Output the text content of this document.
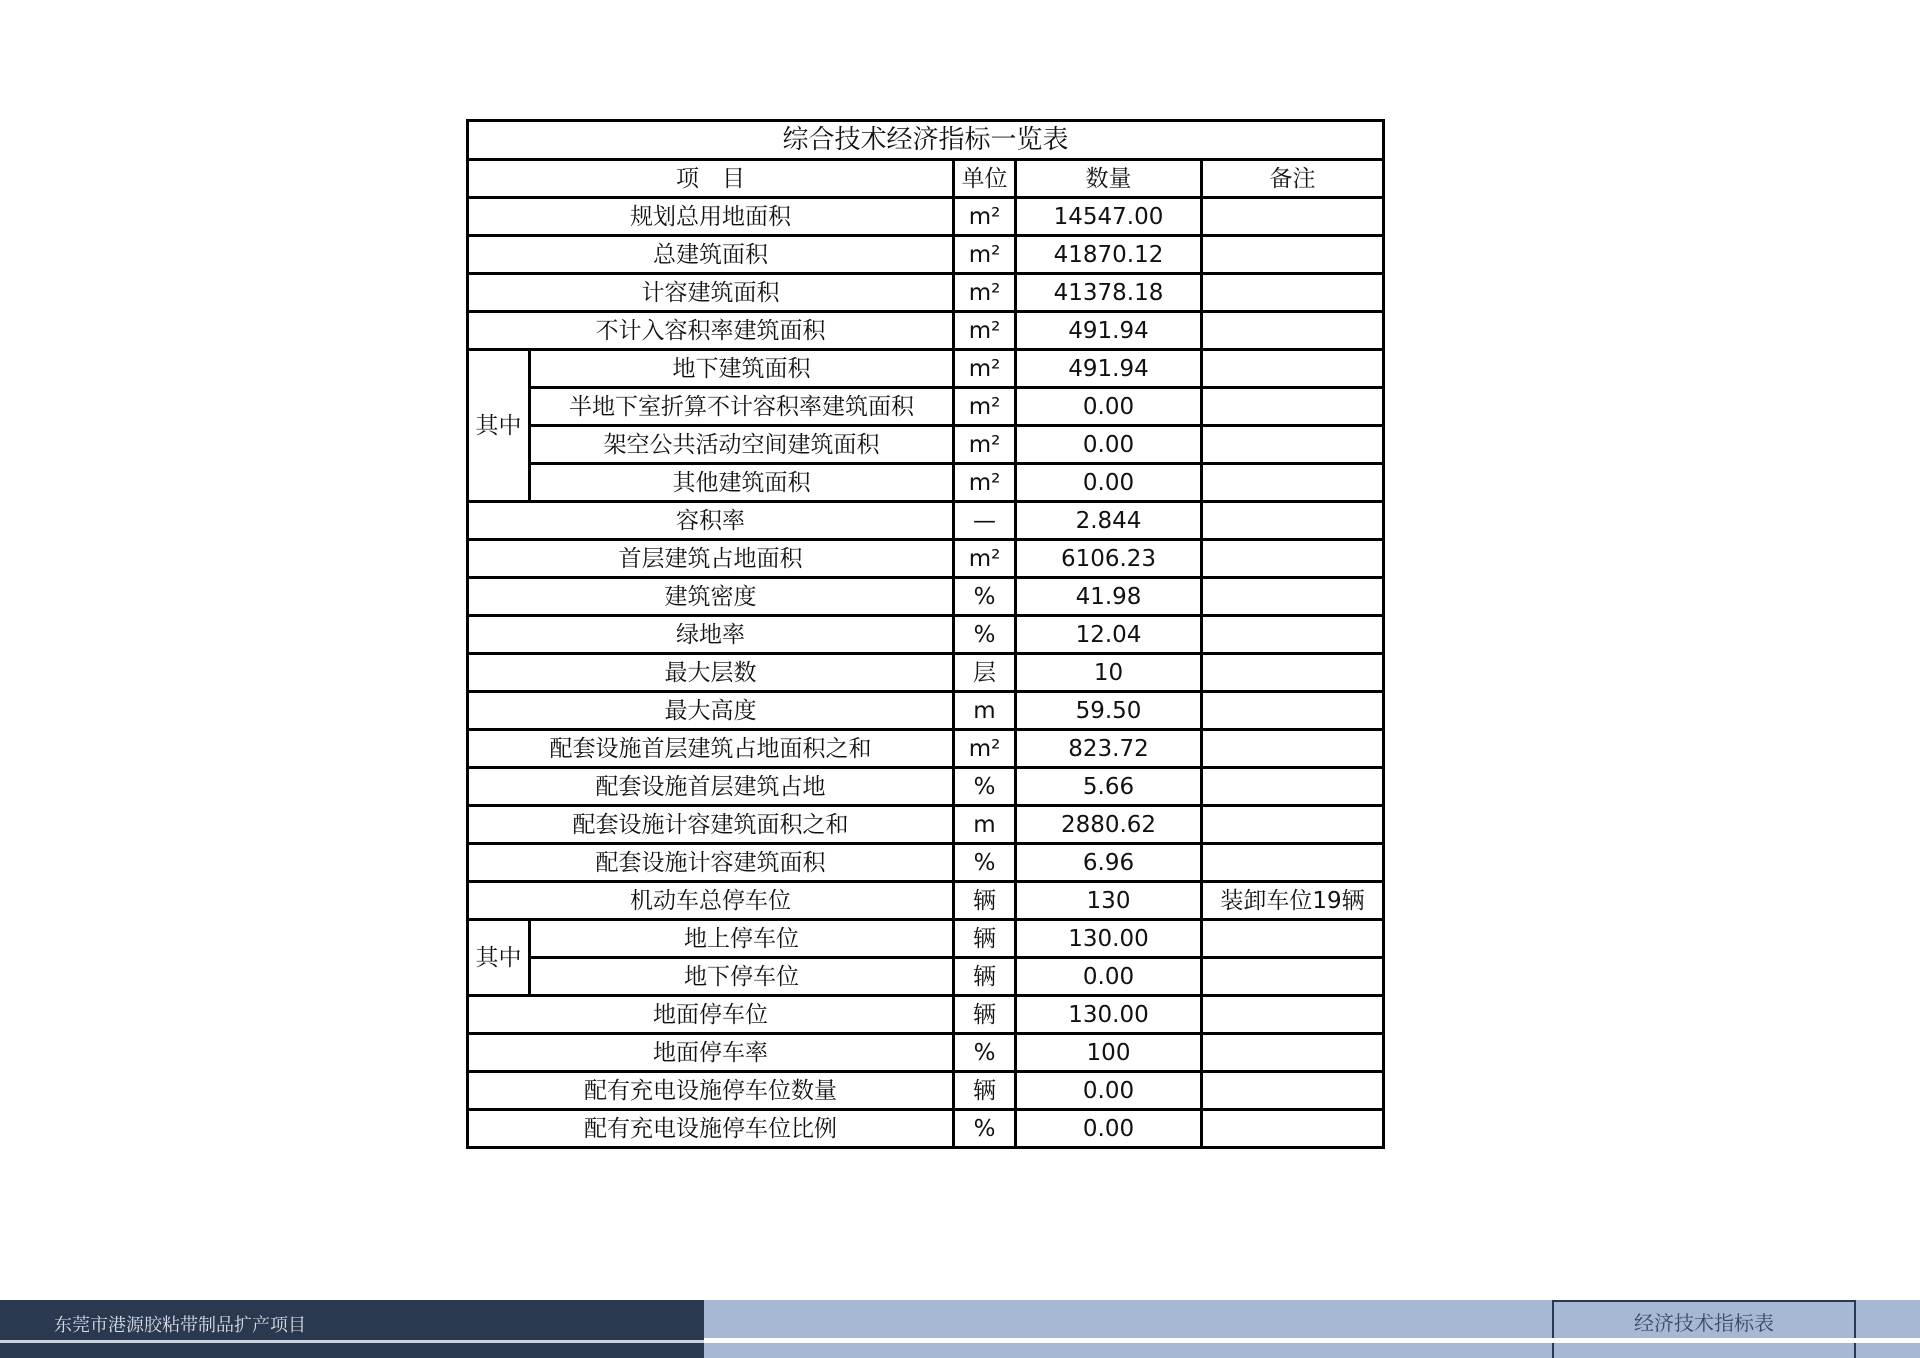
综合技术经济指标一览表				
项　目		单位	数量	备注
规划总用地面积		m²	14547.00	
总建筑面积		m²	41870.12	
计容建筑面积		m²	41378.18	
不计入容积率建筑面积		m²	491.94	
其中	地下建筑面积	m²	491.94	
	半地下室折算不计容积率建筑面积	m²	0.00	
	架空公共活动空间建筑面积	m²	0.00	
	其他建筑面积	m²	0.00	
容积率		—	2.844	
首层建筑占地面积		m²	6106.23	
建筑密度		%	41.98	
绿地率		%	12.04	
最大层数		层	10	
最大高度		m	59.50	
配套设施首层建筑占地面积之和		m²	823.72	
配套设施首层建筑占地		%	5.66	
配套设施计容建筑面积之和		m	2880.62	
配套设施计容建筑面积		%	6.96	
机动车总停车位		辆	130	装卸车位19辆
其中	地上停车位	辆	130.00	
	地下停车位	辆	0.00	
地面停车位		辆	130.00	
地面停车率		%	100	
配有充电设施停车位数量		辆	0.00	
配有充电设施停车位比例		%	0.00	
东莞市港源胶粘带制品扩产项目	经济技术指标表
